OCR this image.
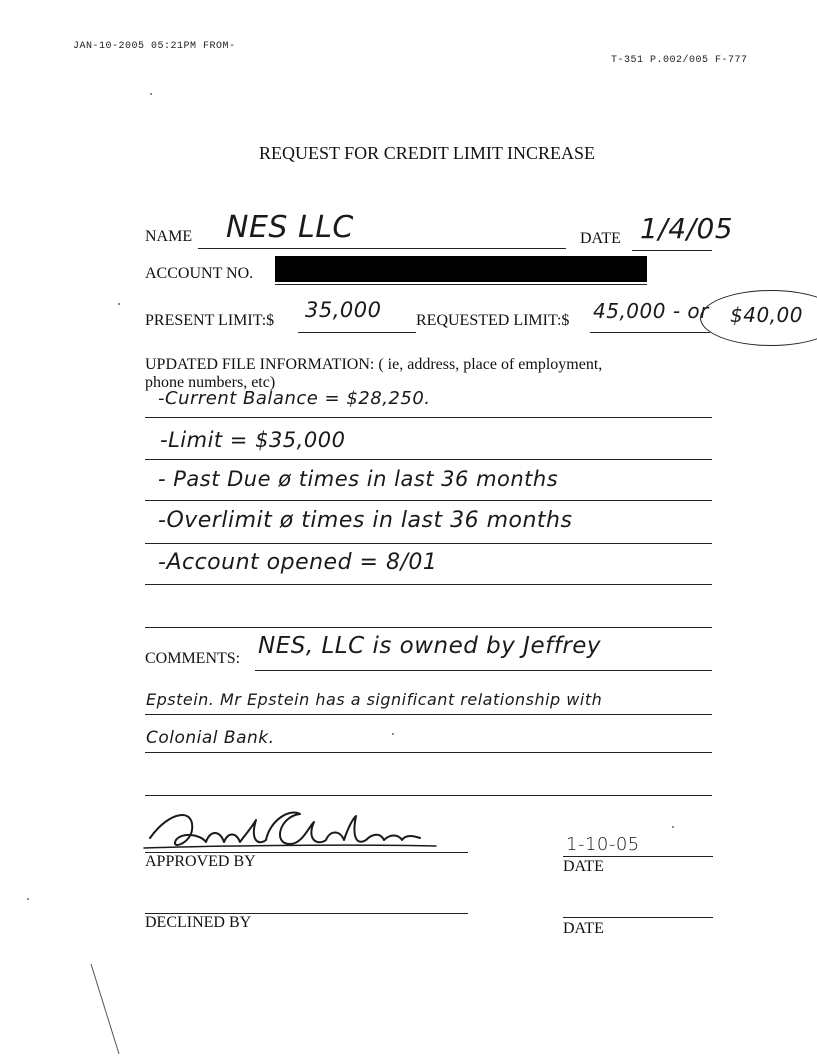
JAN-10-2005 05:21PM FROM-
T-351 P.002/005 F-777
REQUEST FOR CREDIT LIMIT INCREASE
NAME NES LLC	DATE 1/4/05
ACCOUNT NO.
PRESENT LIMIT:$ 35,000 REQUESTED LIMIT:$ 45,000 - or $40,00
UPDATED FILE INFORMATION: ( ie, address, place of employment,
phone numbers, etc)
-Current Balance = $28,250.
-Limit = $35,000
- Past Due ø times in last 36 months
-Overlimit ø times in last 36 months
-Account opened = 8/01
COMMENTS: NES, LLC is owned by Jeffrey
Epstein. Mr Epstein has a significant relationship with
Colonial Bank.
APPROVED BY
1-10-05
DATE
DECLINED BY	DATE
